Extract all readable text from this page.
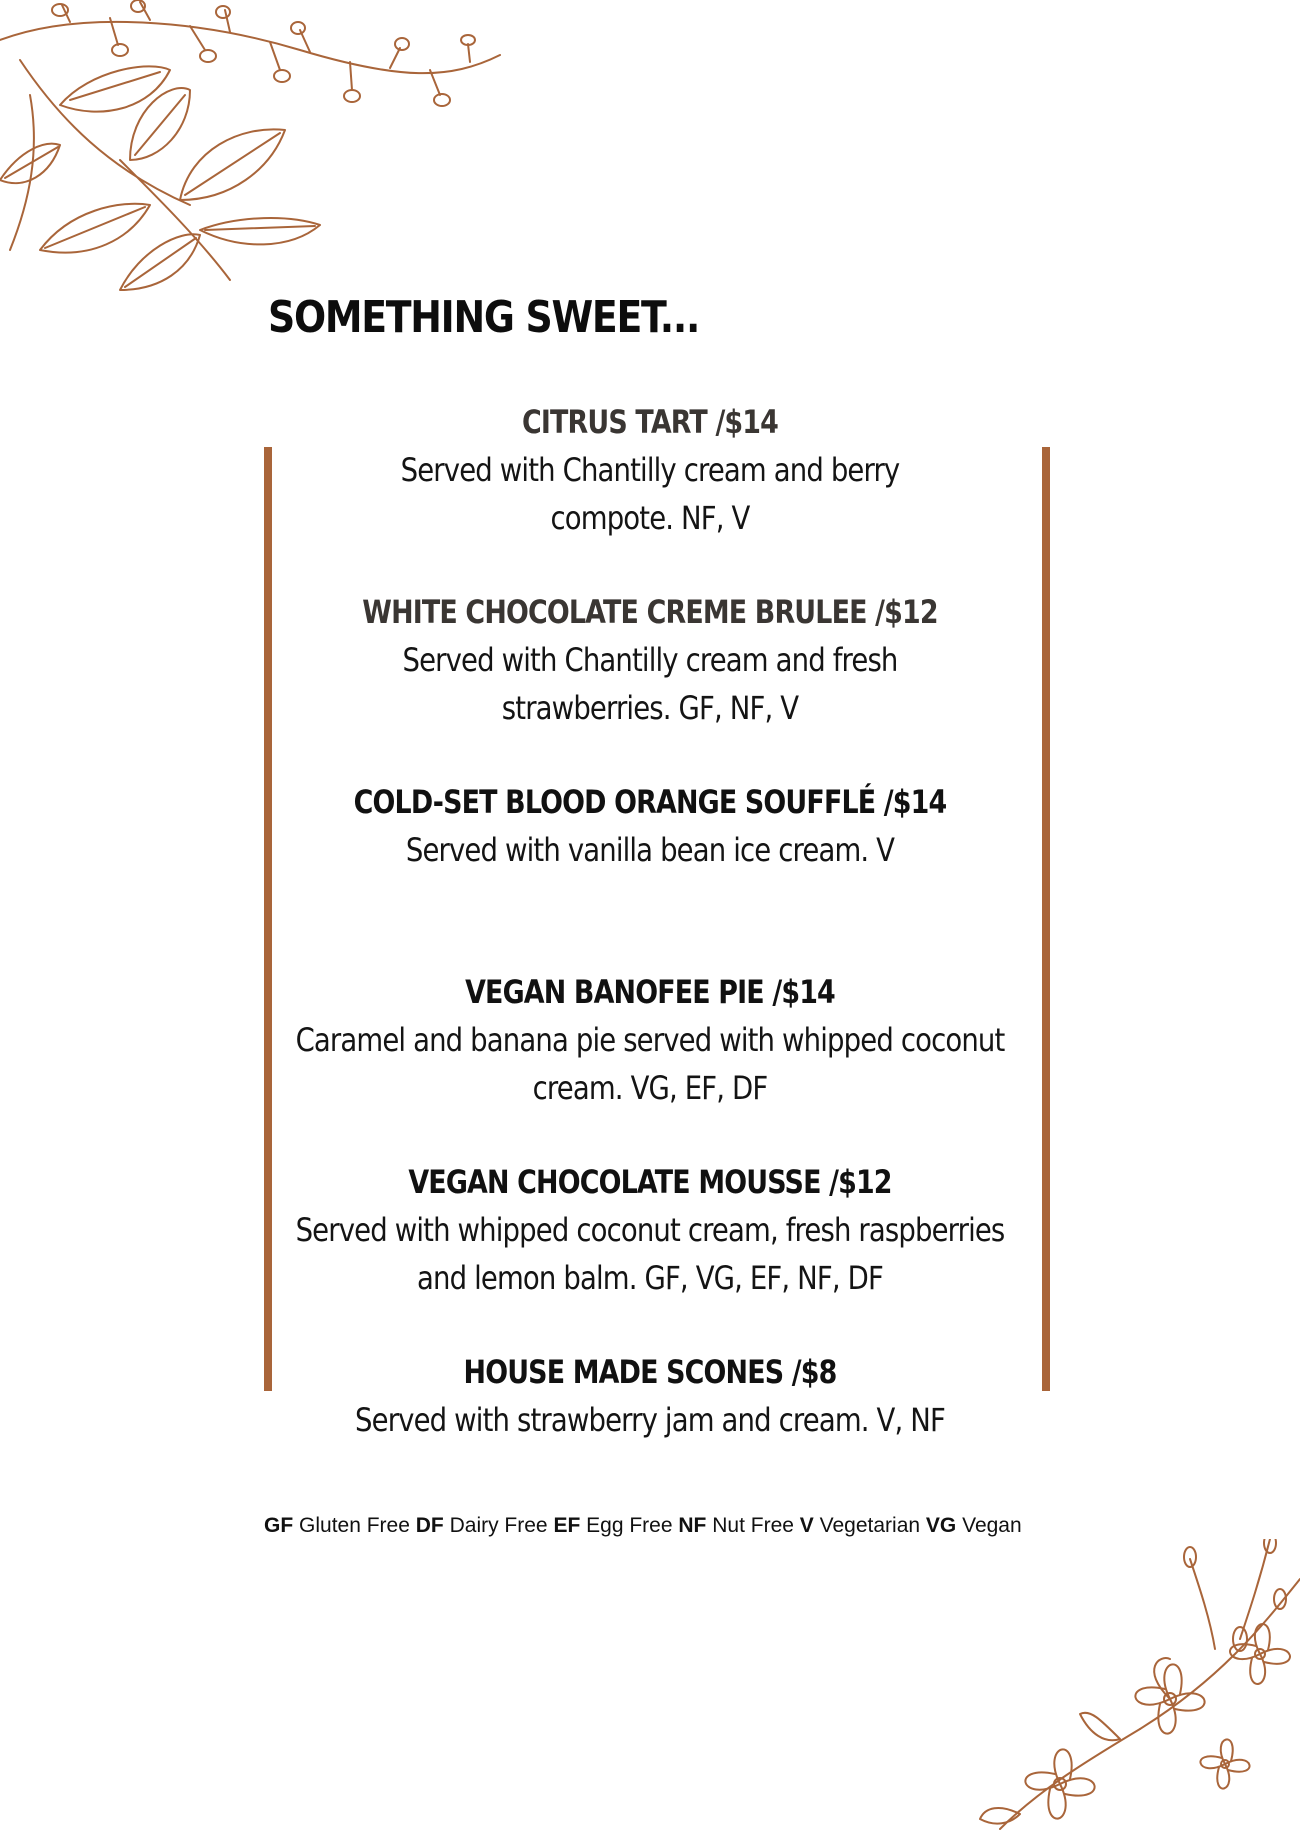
SOMETHING SWEET...
CITRUS TART /$14
Served with Chantilly cream and berry
compote. NF, V
WHITE CHOCOLATE CREME BRULEE /$12
Served with Chantilly cream and fresh
strawberries. GF, NF, V
COLD-SET BLOOD ORANGE SOUFFLÉ /$14
Served with vanilla bean ice cream. V
VEGAN BANOFEE PIE /$14
Caramel and banana pie served with whipped coconut
cream. VG, EF, DF
VEGAN CHOCOLATE MOUSSE /$12
Served with whipped coconut cream, fresh raspberries
and lemon balm. GF, VG, EF, NF, DF
HOUSE MADE SCONES /$8
Served with strawberry jam and cream. V, NF
GF Gluten Free DF Dairy Free EF Egg Free NF Nut Free V Vegetarian VG Vegan
